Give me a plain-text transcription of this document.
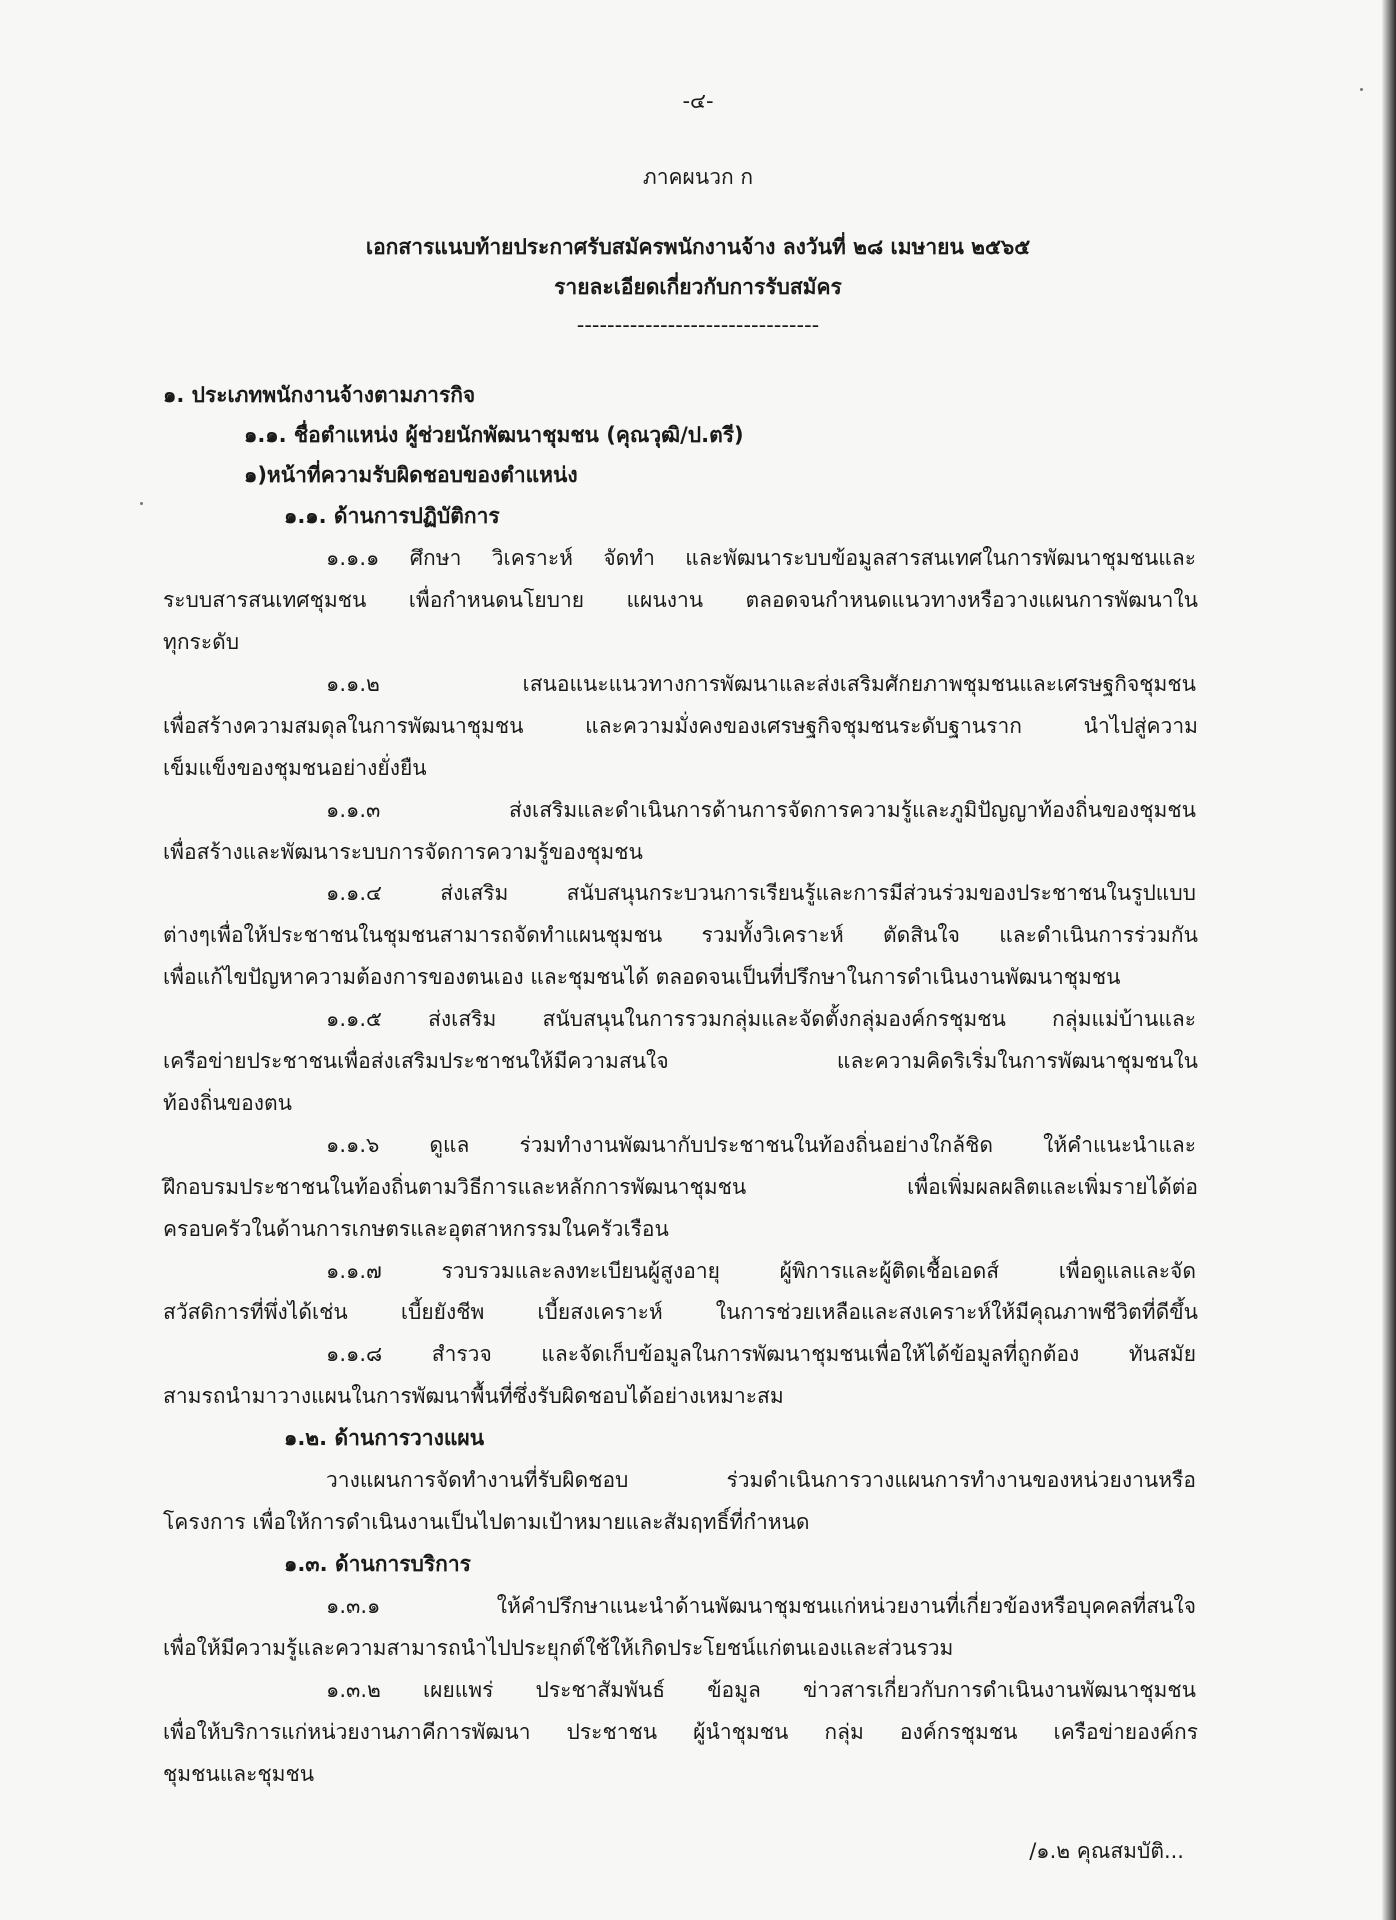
-๔-
ภาคผนวก ก
เอกสารแนบท้ายประกาศรับสมัครพนักงานจ้าง ลงวันที่ ๒๘ เมษายน ๒๕๖๕
รายละเอียดเกี่ยวกับการรับสมัคร
--------------------------------
๑. ประเภทพนักงานจ้างตามภารกิจ
๑.๑. ชื่อตำแหน่ง ผู้ช่วยนักพัฒนาชุมชน (คุณวุฒิ/ป.ตรี)
๑)หน้าที่ความรับผิดชอบของตำแหน่ง
๑.๑. ด้านการปฏิบัติการ
๑.๑.๑ ศึกษา วิเคราะห์ จัดทำ และพัฒนาระบบข้อมูลสารสนเทศในการพัฒนาชุมชนและ
ระบบสารสนเทศชุมชน เพื่อกำหนดนโยบาย แผนงาน ตลอดจนกำหนดแนวทางหรือวางแผนการพัฒนาใน
ทุกระดับ
๑.๑.๒ เสนอแนะแนวทางการพัฒนาและส่งเสริมศักยภาพชุมชนและเศรษฐกิจชุมชน
เพื่อสร้างความสมดุลในการพัฒนาชุมชน และความมั่งคงของเศรษฐกิจชุมชนระดับฐานราก นำไปสู่ความ
เข็มแข็งของชุมชนอย่างยั่งยืน
๑.๑.๓ ส่งเสริมและดำเนินการด้านการจัดการความรู้และภูมิปัญญาท้องถิ่นของชุมชน
เพื่อสร้างและพัฒนาระบบการจัดการความรู้ของชุมชน
๑.๑.๔ ส่งเสริม สนับสนุนกระบวนการเรียนรู้และการมีส่วนร่วมของประชาชนในรูปแบบ
ต่างๆเพื่อให้ประชาชนในชุมชนสามารถจัดทำแผนชุมชน รวมทั้งวิเคราะห์ ตัดสินใจ และดำเนินการร่วมกัน
เพื่อแก้ไขปัญหาความต้องการของตนเอง และชุมชนได้ ตลอดจนเป็นที่ปรึกษาในการดำเนินงานพัฒนาชุมชน
๑.๑.๕ ส่งเสริม สนับสนุนในการรวมกลุ่มและจัดตั้งกลุ่มองค์กรชุมชน กลุ่มแม่บ้านและ
เครือข่ายประชาชนเพื่อส่งเสริมประชาชนให้มีความสนใจ และความคิดริเริ่มในการพัฒนาชุมชนใน
ท้องถิ่นของตน
๑.๑.๖ ดูแล ร่วมทำงานพัฒนากับประชาชนในท้องถิ่นอย่างใกล้ชิด ให้คำแนะนำและ
ฝึกอบรมประชาชนในท้องถิ่นตามวิธีการและหลักการพัฒนาชุมชน เพื่อเพิ่มผลผลิตและเพิ่มรายได้ต่อ
ครอบครัวในด้านการเกษตรและอุตสาหกรรมในครัวเรือน
๑.๑.๗ รวบรวมและลงทะเบียนผู้สูงอายุ ผู้พิการและผู้ติดเชื้อเอดส์ เพื่อดูแลและจัด
สวัสดิการที่พึ่งได้เช่น เบี้ยยังชีพ เบี้ยสงเคราะห์ ในการช่วยเหลือและสงเคราะห์ให้มีคุณภาพชีวิตที่ดีขึ้น
๑.๑.๘ สำรวจ และจัดเก็บข้อมูลในการพัฒนาชุมชนเพื่อให้ได้ข้อมูลที่ถูกต้อง ทันสมัย
สามรถนำมาวางแผนในการพัฒนาพื้นที่ซึ่งรับผิดชอบได้อย่างเหมาะสม
๑.๒. ด้านการวางแผน
วางแผนการจัดทำงานที่รับผิดชอบ ร่วมดำเนินการวางแผนการทำงานของหน่วยงานหรือ
โครงการ เพื่อให้การดำเนินงานเป็นไปตามเป้าหมายและสัมฤทธิ์ที่กำหนด
๑.๓. ด้านการบริการ
๑.๓.๑ ให้คำปรึกษาแนะนำด้านพัฒนาชุมชนแก่หน่วยงานที่เกี่ยวข้องหรือบุคคลที่สนใจ
เพื่อให้มีความรู้และความสามารถนำไปประยุกต์ใช้ให้เกิดประโยชน์แก่ตนเองและส่วนรวม
๑.๓.๒ เผยแพร่ ประชาสัมพันธ์ ข้อมูล ข่าวสารเกี่ยวกับการดำเนินงานพัฒนาชุมชน
เพื่อให้บริการแก่หน่วยงานภาคีการพัฒนา ประชาชน ผู้นำชุมชน กลุ่ม องค์กรชุมชน เครือข่ายองค์กร
ชุมชนและชุมชน
/๑.๒ คุณสมบัติ...
